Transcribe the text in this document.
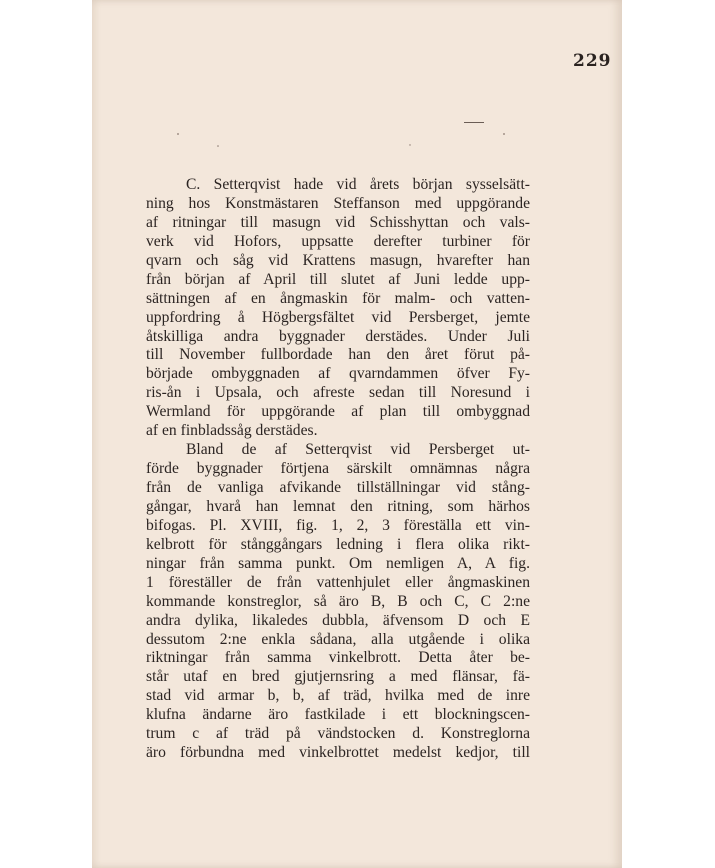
229
C. Setterqvist hade vid årets början sysselsätt-
ning hos Konstmästaren Steffanson med uppgörande
af ritningar till masugn vid Schisshyttan och vals-
verk vid Hofors, uppsatte derefter turbiner för
qvarn och såg vid Krattens masugn, hvarefter han
från början af April till slutet af Juni ledde upp-
sättningen af en ångmaskin för malm- och vatten-
uppfordring å Högbergsfältet vid Persberget, jemte
åtskilliga andra byggnader derstädes. Under Juli
till November fullbordade han den året förut på-
började ombyggnaden af qvarndammen öfver Fy-
ris-ån i Upsala, och afreste sedan till Noresund i
Wermland för uppgörande af plan till ombyggnad
af en finbladssåg derstädes.
Bland de af Setterqvist vid Persberget ut-
förde byggnader förtjena särskilt omnämnas några
från de vanliga afvikande tillställningar vid stång-
gångar, hvarå han lemnat den ritning, som härhos
bifogas. Pl. XVIII, fig. 1, 2, 3 föreställa ett vin-
kelbrott för stånggångars ledning i flera olika rikt-
ningar från samma punkt. Om nemligen A, A fig.
1 föreställer de från vattenhjulet eller ångmaskinen
kommande konstreglor, så äro B, B och C, C 2:ne
andra dylika, likaledes dubbla, äfvensom D och E
dessutom 2:ne enkla sådana, alla utgående i olika
riktningar från samma vinkelbrott. Detta åter be-
står utaf en bred gjutjernsring a med flänsar, fä-
stad vid armar b, b, af träd, hvilka med de inre
klufna ändarne äro fastkilade i ett blockningscen-
trum c af träd på vändstocken d. Konstreglorna
äro förbundna med vinkelbrottet medelst kedjor, till
